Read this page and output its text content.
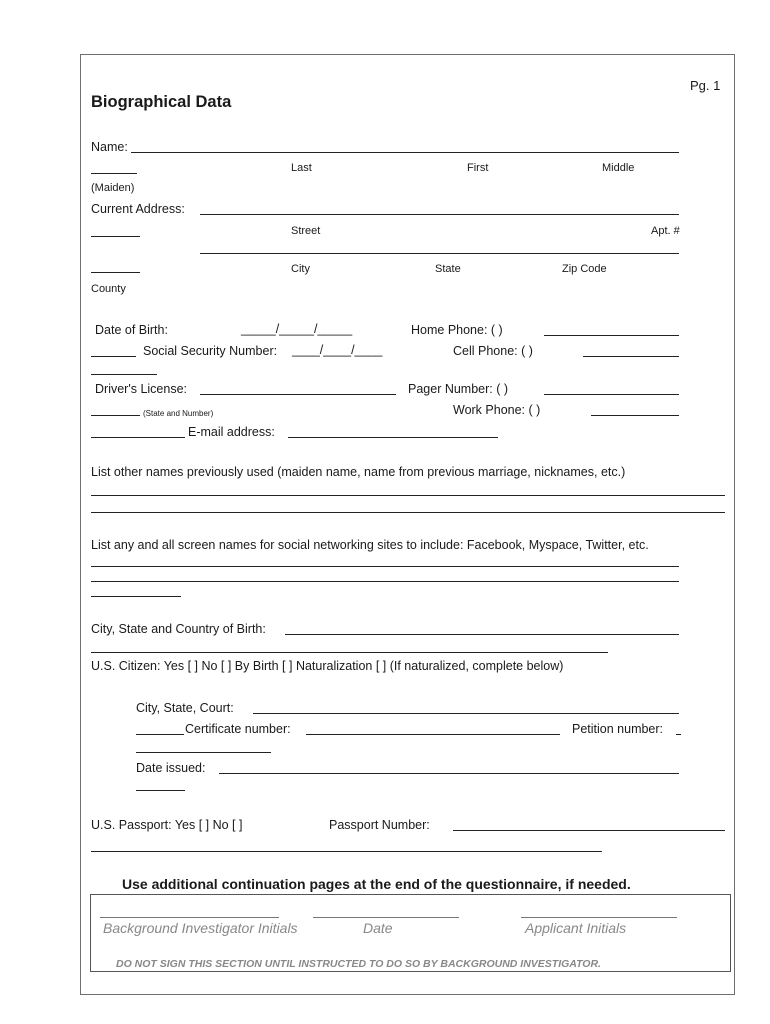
Pg. 1
Biographical Data
Name:
Last	First	Middle
(Maiden)
Current Address:
Street	Apt. #
City	State	Zip Code
County
Date of Birth:	_____/_____/_____	Home Phone: ( )
Social Security Number: ____/____/____	Cell Phone: ( )
Driver's License:	Pager Number: ( )
(State and Number)	Work Phone: ( )
E-mail address:
List other names previously used (maiden name, name from previous marriage, nicknames, etc.)
List any and all screen names for social networking sites to include: Facebook, Myspace, Twitter, etc.
City, State and Country of Birth:
U.S. Citizen: Yes [ ] No [ ] By Birth [ ] Naturalization [ ] (If naturalized, complete below)
City, State, Court:
Certificate number:	Petition number:
Date issued:
U.S. Passport: Yes [ ] No [ ]	Passport Number:
Use additional continuation pages at the end of the questionnaire, if needed.
Background Investigator Initials	Date	Applicant Initials
DO NOT SIGN THIS SECTION UNTIL INSTRUCTED TO DO SO BY BACKGROUND INVESTIGATOR.
